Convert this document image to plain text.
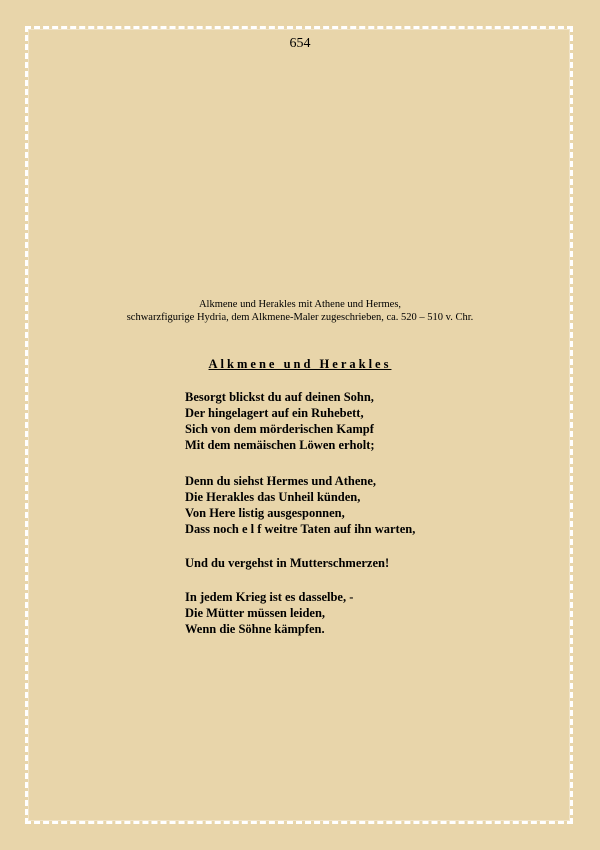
654
Alkmene und Herakles mit Athene und Hermes,
schwarzfigurige Hydria, dem Alkmene-Maler zugeschrieben, ca. 520 – 510 v. Chr.
Alkmene und Herakles
Besorgt blickst du auf deinen Sohn,
Der hingelagert auf ein Ruhebett,
Sich von dem mörderischen Kampf
Mit dem nemäischen Löwen erholt;
Denn du siehst Hermes und Athene,
Die Herakles das Unheil künden,
Von Here listig ausgesponnen,
Dass noch e l f weitre Taten auf ihn warten,
Und du vergehst in Mutterschmerzen!
In jedem Krieg ist es dasselbe, -
Die Mütter müssen leiden,
Wenn die Söhne kämpfen.
